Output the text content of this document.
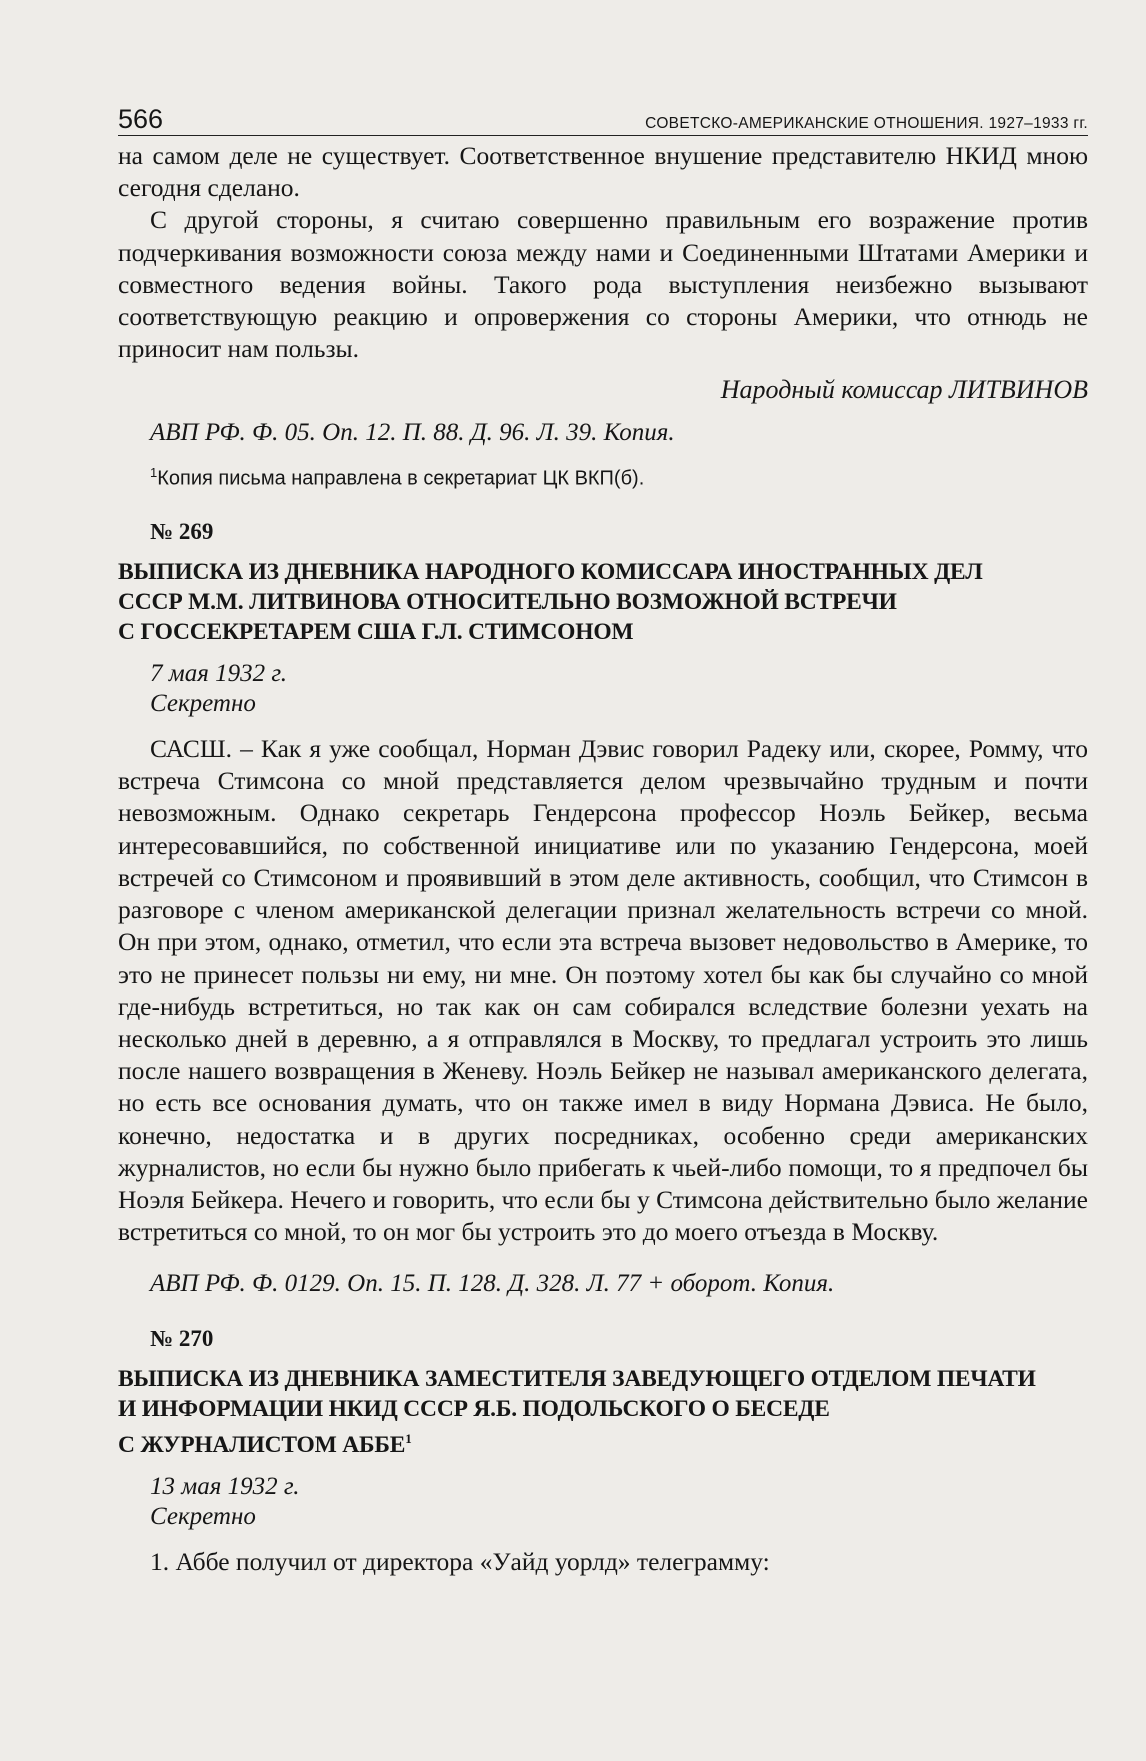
566	СОВЕТСКО-АМЕРИКАНСКИЕ ОТНОШЕНИЯ. 1927–1933 гг.

на самом деле не существует. Соответственное внушение представителю НКИД мною сегодня сделано.

С другой стороны, я считаю совершенно правильным его возражение против подчеркивания возможности союза между нами и Соединенными Штатами Америки и совместного ведения войны. Такого рода выступления неизбежно вызывают соответствующую реакцию и опровержения со стороны Америки, что отнюдь не приносит нам пользы.

Народный комиссар ЛИТВИНОВ
АВП РФ. Ф. 05. Оп. 12. П. 88. Д. 96. Л. 39. Копия.
$^1$Копия письма направлена в секретариат ЦК ВКП(б).
№ 269
ВЫПИСКА ИЗ ДНЕВНИКА НАРОДНОГО КОМИССАРА ИНОСТРАННЫХ ДЕЛ
СССР М.М. ЛИТВИНОВА ОТНОСИТЕЛЬНО ВОЗМОЖНОЙ ВСТРЕЧИ
С ГОССЕКРЕТАРЕМ США Г.Л. СТИМСОНОМ
7 мая 1932 г.
Секретно

САСШ. – Как я уже сообщал, Норман Дэвис говорил Радеку или, скорее, Ромму, что встреча Стимсона со мной представляется делом чрезвычайно трудным и почти невозможным. Однако секретарь Гендерсона профессор Ноэль Бейкер, весьма интересовавшийся, по собственной инициативе или по указанию Гендерсона, моей встречей со Стимсоном и проявивший в этом деле активность, сообщил, что Стимсон в разговоре с членом американской делегации признал желательность встречи со мной. Он при этом, однако, отметил, что если эта встреча вызовет недовольство в Америке, то это не принесет пользы ни ему, ни мне. Он поэтому хотел бы как бы случайно со мной где-нибудь встретиться, но так как он сам собирался вследствие болезни уехать на несколько дней в деревню, а я отправлялся в Москву, то предлагал устроить это лишь после нашего возвращения в Женеву. Ноэль Бейкер не называл американского делегата, но есть все основания думать, что он также имел в виду Нормана Дэвиса. Не было, конечно, недостатка и в других посредниках, особенно среди американских журналистов, но если бы нужно было прибегать к чьей-либо помощи, то я предпочел бы Ноэля Бейкера. Нечего и говорить, что если бы у Стимсона действительно было желание встретиться со мной, то он мог бы устроить это до моего отъезда в Москву.

АВП РФ. Ф. 0129. Оп. 15. П. 128. Д. 328. Л. 77 + оборот. Копия.
№ 270
ВЫПИСКА ИЗ ДНЕВНИКА ЗАМЕСТИТЕЛЯ ЗАВЕДУЮЩЕГО ОТДЕЛОМ ПЕЧАТИ
И ИНФОРМАЦИИ НКИД СССР Я.Б. ПОДОЛЬСКОГО О БЕСЕДЕ
С ЖУРНАЛИСТОМ АББЕ$^1$
13 мая 1932 г.
Секретно

1. Аббе получил от директора «Уайд уорлд» телеграмму:
